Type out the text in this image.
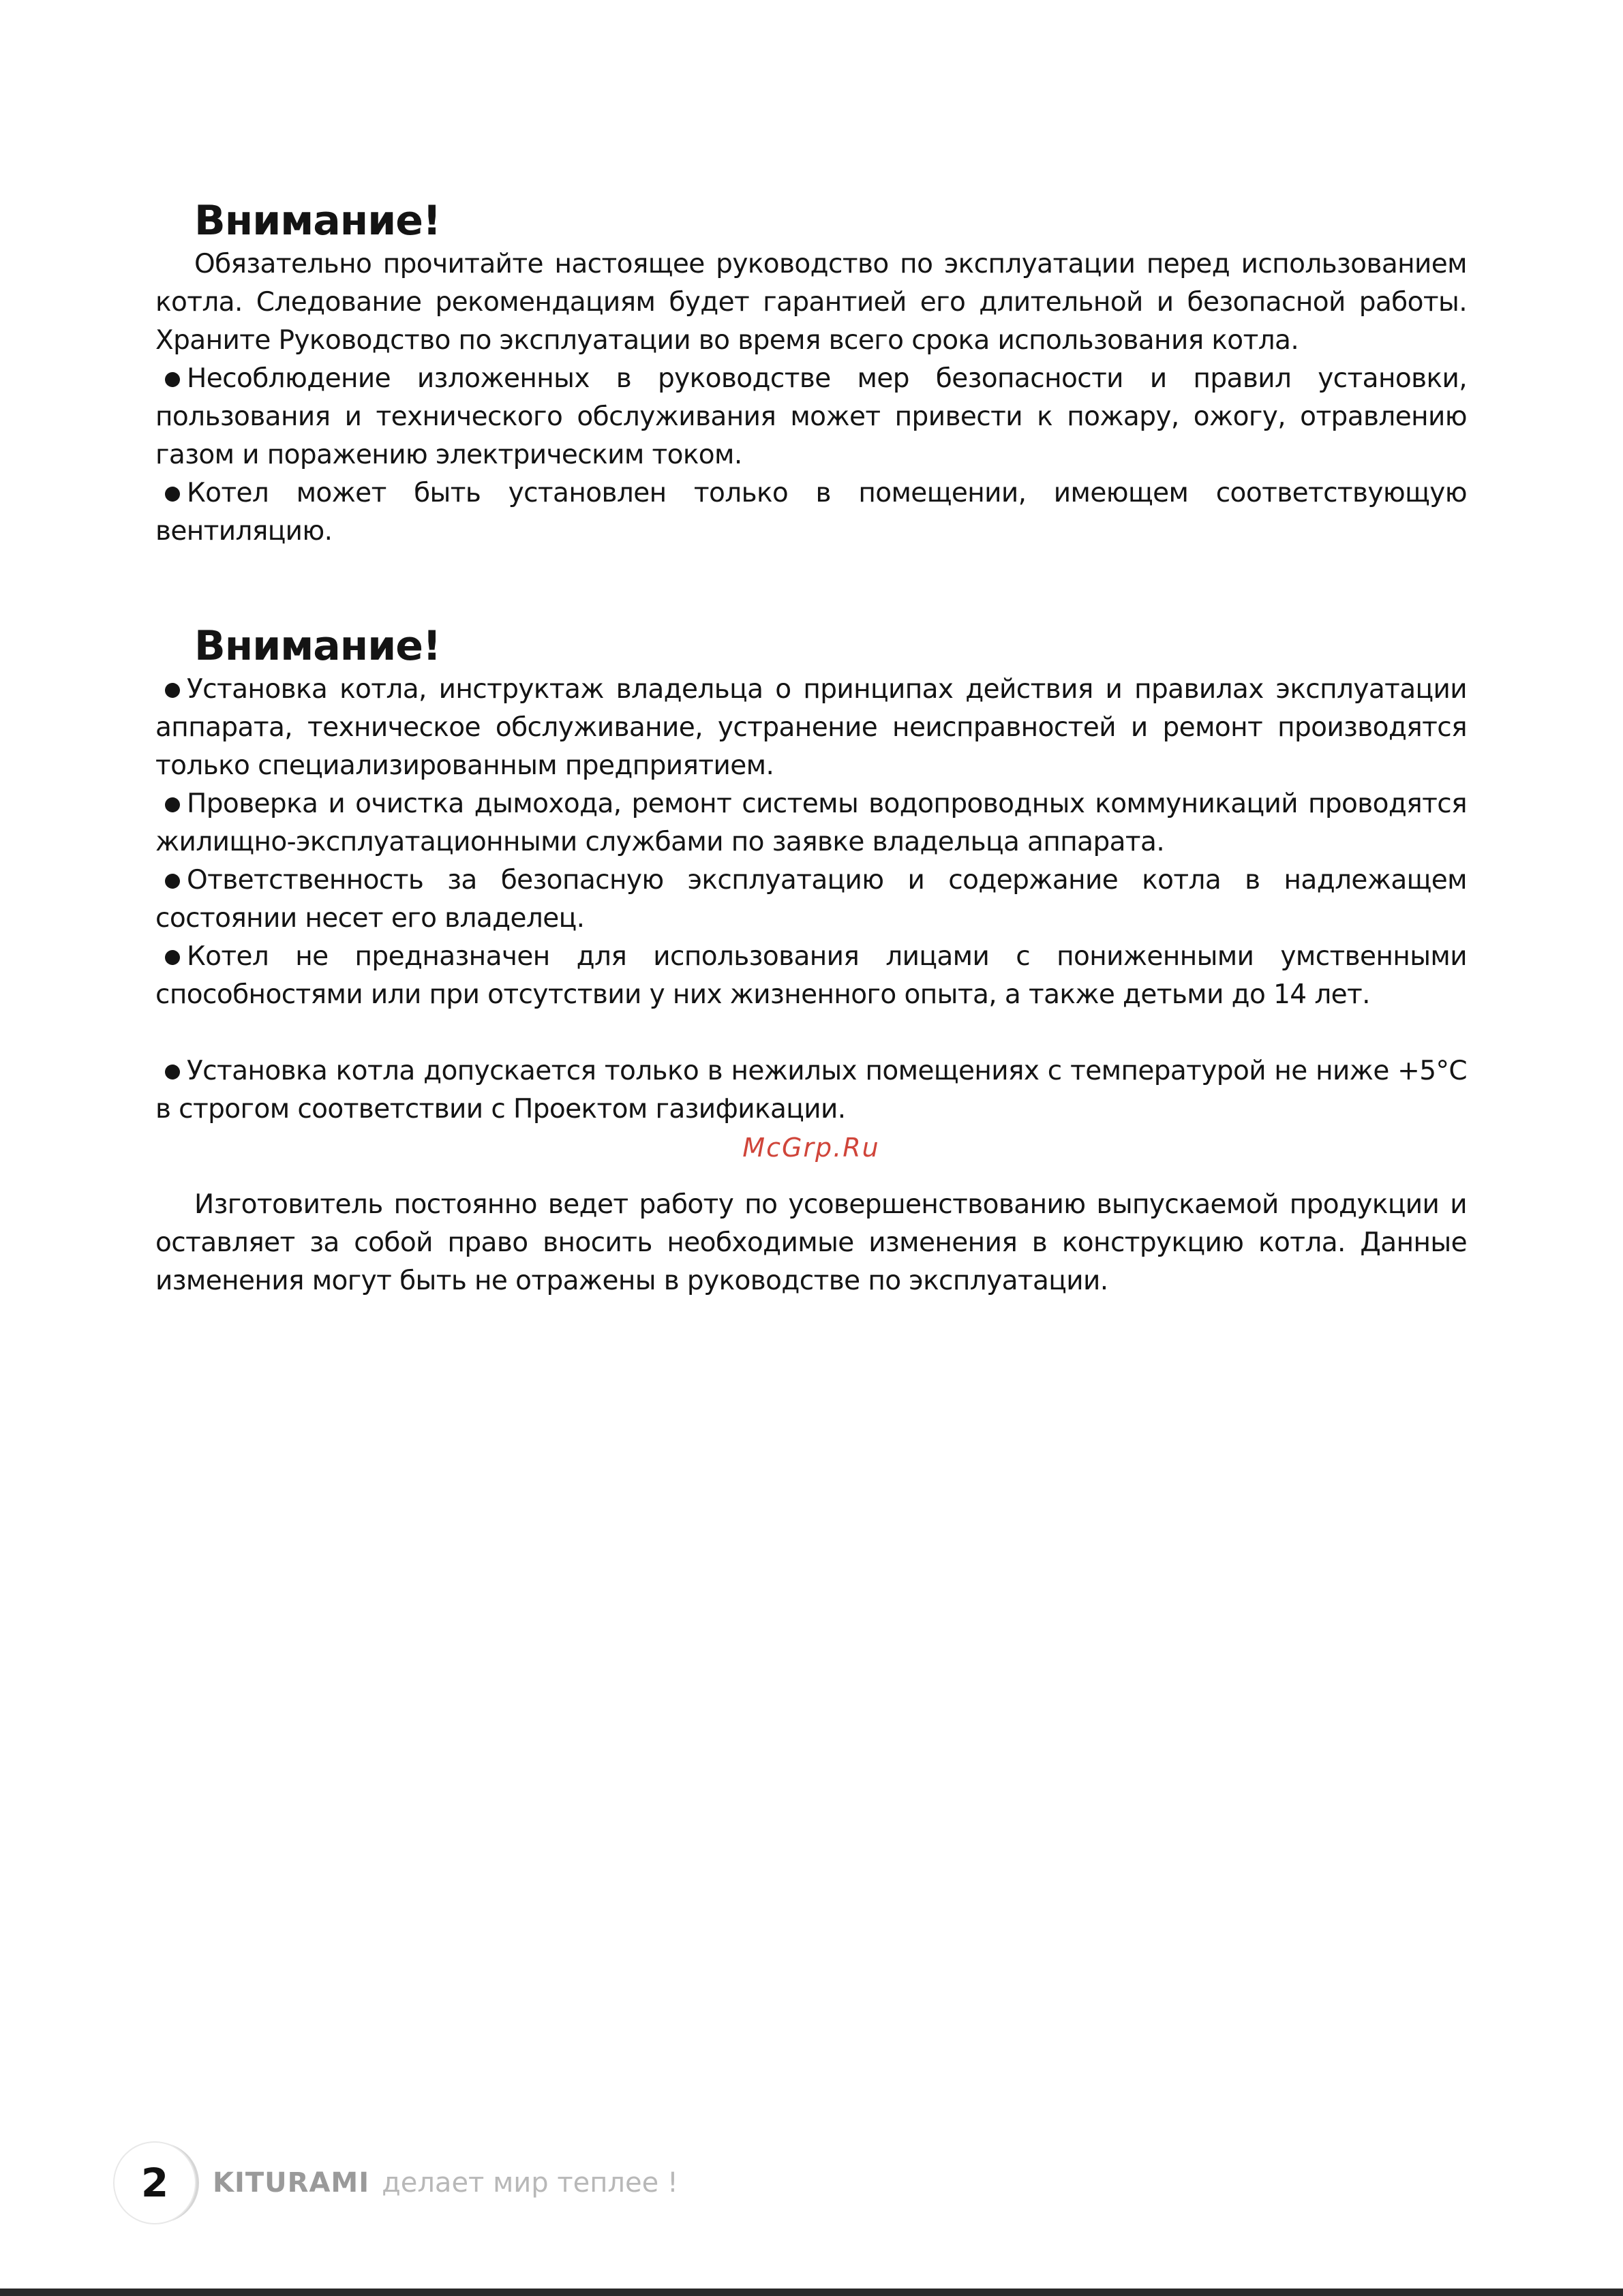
Внимание!

Обязательно прочитайте настоящее руководство по эксплуатации перед использованием котла. Следование рекомендациям будет гарантией его длительной и безопасной работы. Храните Руководство по эксплуатации во время всего срока использования котла.

Несоблюдение изложенных в руководстве мер безопасности и правил установки, пользования и технического обслуживания может привести к пожару, ожогу, отравлению газом и поражению электрическим током.

Котел может быть установлен только в помещении, имеющем соответствующую вентиляцию.

Внимание!

Установка котла, инструктаж владельца о принципах действия и правилах эксплуатации аппарата, техническое обслуживание, устранение неисправностей и ремонт производятся только специализированным предприятием.

Проверка и очистка дымохода, ремонт системы водопроводных коммуникаций проводятся жилищно-эксплуатационными службами по заявке владельца аппарата.

Ответственность за безопасную эксплуатацию и содержание котла в надлежащем состоянии несет его владелец.

Котел не предназначен для использования лицами с пониженными умственными способностями или при отсутствии у них жизненного опыта, а также детьми до 14 лет.

Установка котла допускается только в нежилых помещениях с температурой не ниже +5°С в строгом соответствии с Проектом газификации.

McGrp.Ru

Изготовитель постоянно ведет работу по усовершенствованию выпускаемой продукции и оставляет за собой право вносить необходимые изменения в конструкцию котла. Данные изменения могут быть не отражены в руководстве по эксплуатации.

2	KITURAMI делает мир теплее !
